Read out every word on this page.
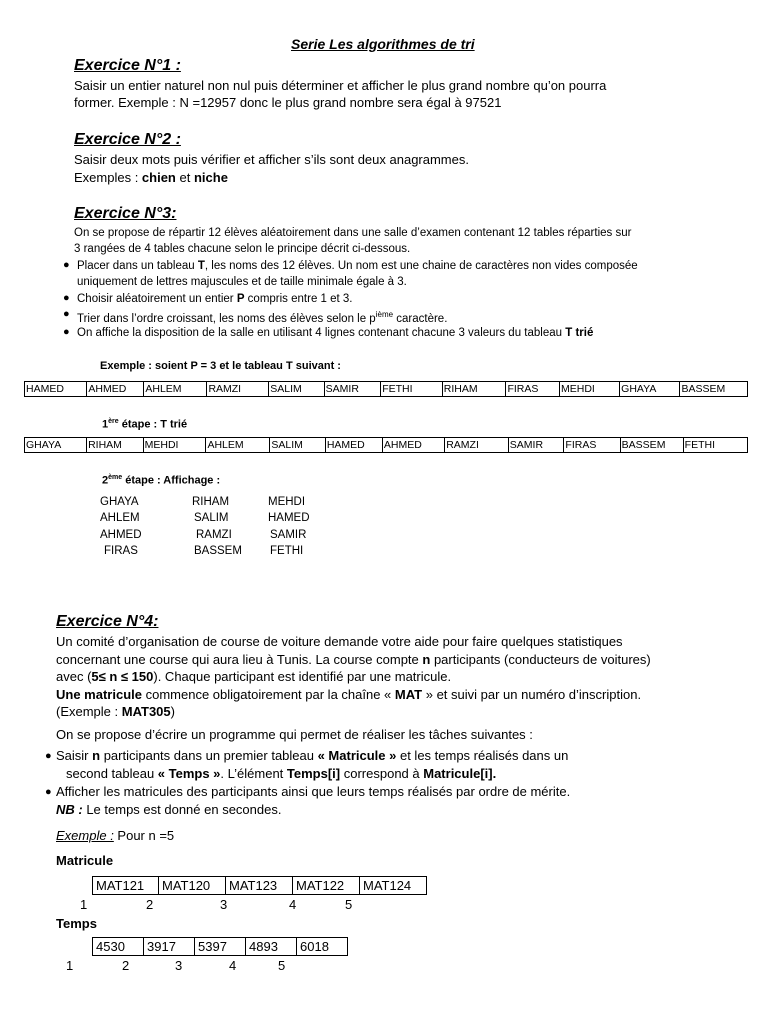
Serie Les algorithmes de tri
Exercice N°1 :
Saisir un entier naturel non nul puis déterminer et afficher le plus grand nombre qu’on pourra
former. Exemple : N =12957 donc le plus grand nombre sera égal à 97521
Exercice N°2 :
Saisir deux mots puis vérifier et afficher s’ils sont deux anagrammes.
Exemples : chien et niche
Exercice N°3:
On se propose de répartir 12 élèves aléatoirement dans une salle d’examen contenant 12 tables réparties sur
3 rangées de 4 tables chacune selon le principe décrit ci-dessous.
● Placer dans un tableau T, les noms des 12 élèves. Un nom est une chaine de caractères non vides composée
uniquement de lettres majuscules et de taille minimale égale à 3.
● Choisir aléatoirement un entier P compris entre 1 et 3.
● Trier dans l’ordre croissant, les noms des élèves selon le $p^{ième}$ caractère.
● On affiche la disposition de la salle en utilisant 4 lignes contenant chacune 3 valeurs du tableau T trié
Exemple : soient P = 3 et le tableau T suivant :
HAMED	AHMED	AHLEM	RAMZI	SALIM	SAMIR	FETHI	RIHAM	FIRAS	MEHDI	GHAYA	BASSEM
1ère étape : T trié
GHAYA	RIHAM	MEHDI	AHLEM	SALIM	HAMED	AHMED	RAMZI	SAMIR	FIRAS	BASSEM	FETHI
2ème étape : Affichage :
GHAYA	RIHAM	MEHDI
AHLEM	SALIM	HAMED
AHMED	RAMZI	SAMIR
FIRAS	BASSEM FETHI
Exercice N°4:
Un comité d’organisation de course de voiture demande votre aide pour faire quelques statistiques
concernant une course qui aura lieu à Tunis. La course compte n participants (conducteurs de voitures)
avec (5≤ n ≤ 150). Chaque participant est identifié par une matricule.
Une matricule commence obligatoirement par la chaîne « MAT » et suivi par un numéro d’inscription.
(Exemple : MAT305)
On se propose d’écrire un programme qui permet de réaliser les tâches suivantes :
● Saisir n participants dans un premier tableau « Matricule » et les temps réalisés dans un
second tableau « Temps ». L’élément Temps[i] correspond à Matricule[i].
● Afficher les matricules des participants ainsi que leurs temps réalisés par ordre de mérite.
NB : Le temps est donné en secondes.
Exemple : Pour n =5
Matricule
MAT121	MAT120	MAT123	MAT122	MAT124
1	2	3	4	5
Temps
4530	3917	5397	4893	6018
1	2	3	4	5
